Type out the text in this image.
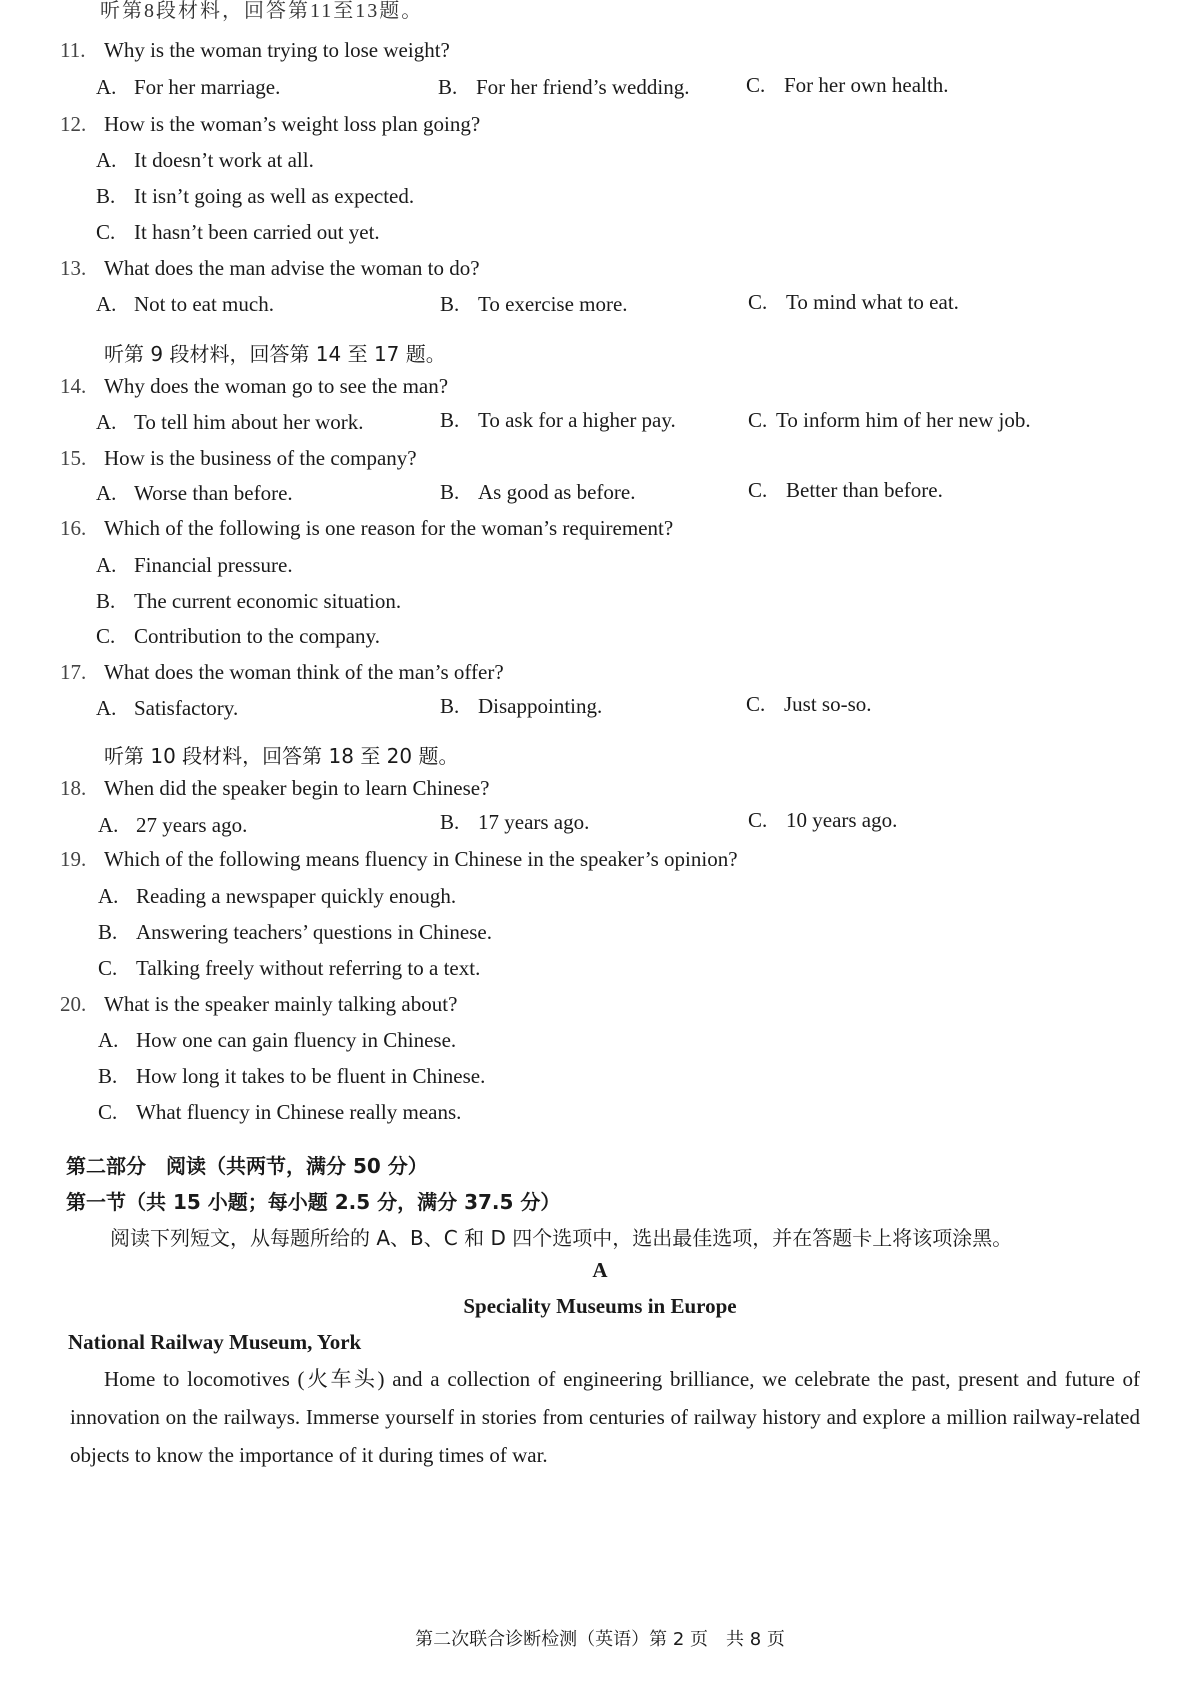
听第8段材料，回答第11至13题。
11. Why is the woman trying to lose weight?
A. For her marriage.	B. For her friend’s wedding.	C. For her own health.
12. How is the woman’s weight loss plan going?
A. It doesn’t work at all.
B. It isn’t going as well as expected.
C. It hasn’t been carried out yet.
13. What does the man advise the woman to do?
A. Not to eat much.	B. To exercise more.	C. To mind what to eat.
听第 9 段材料，回答第 14 至 17 题。
14. Why does the woman go to see the man?
A. To tell him about her work.	B. To ask for a higher pay.	C. To inform him of her new job.
15. How is the business of the company?
A. Worse than before.	B. As good as before.	C. Better than before.
16. Which of the following is one reason for the woman’s requirement?
A. Financial pressure.
B. The current economic situation.
C. Contribution to the company.
17. What does the woman think of the man’s offer?
A. Satisfactory.	B. Disappointing.	C. Just so-so.
听第 10 段材料，回答第 18 至 20 题。
18. When did the speaker begin to learn Chinese?
A. 27 years ago.	B. 17 years ago.	C. 10 years ago.
19. Which of the following means fluency in Chinese in the speaker’s opinion?
A. Reading a newspaper quickly enough.
B. Answering teachers’ questions in Chinese.
C. Talking freely without referring to a text.
20. What is the speaker mainly talking about?
A. How one can gain fluency in Chinese.
B. How long it takes to be fluent in Chinese.
C. What fluency in Chinese really means.
第二部分　阅读（共两节，满分 50 分）
第一节（共 15 小题；每小题 2.5 分，满分 37.5 分）
阅读下列短文，从每题所给的 A、B、C 和 D 四个选项中，选出最佳选项，并在答题卡上将该项涂黑。
A
Speciality Museums in Europe
National Railway Museum, York
Home to locomotives (火车头) and a collection of engineering brilliance, we celebrate the past, present and future of innovation on the railways. Immerse yourself in stories from centuries of railway history and explore a million railway-related objects to know the importance of it during times of war.
第二次联合诊断检测（英语）第 2 页　共 8 页
